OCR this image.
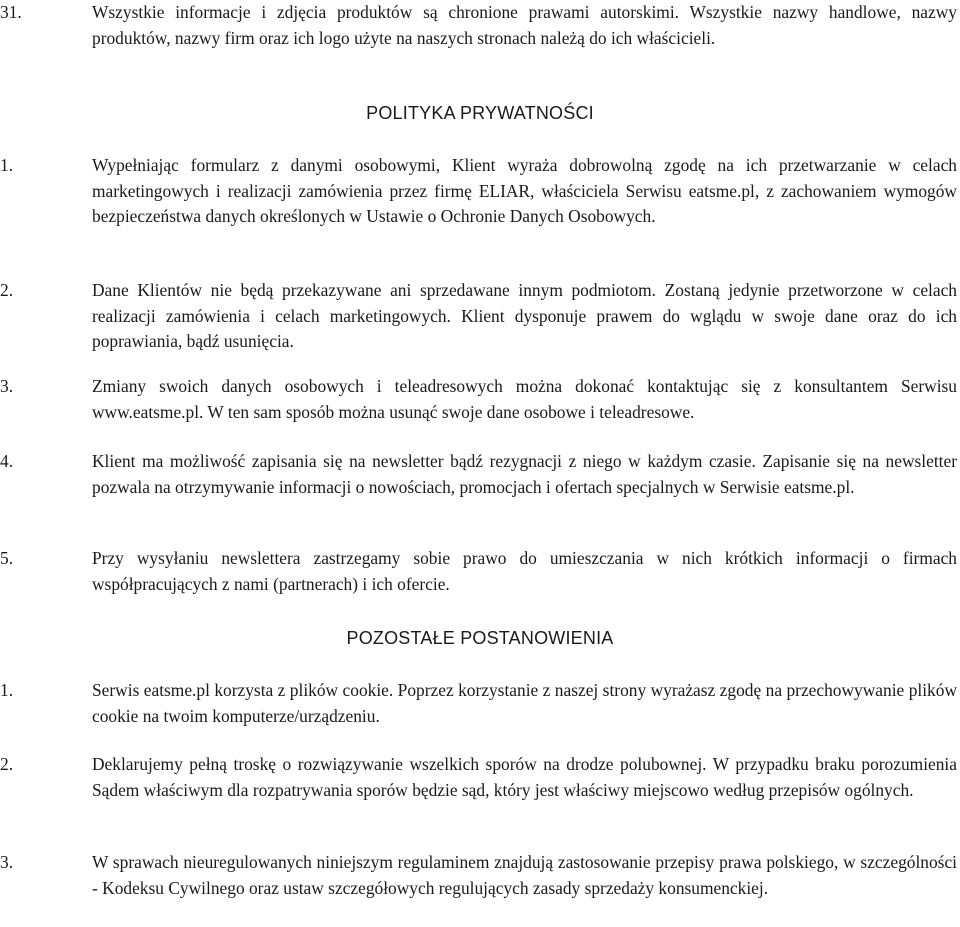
31.	Wszystkie informacje i zdjęcia produktów są chronione prawami autorskimi. Wszystkie nazwy handlowe, nazwy produktów, nazwy firm oraz ich logo użyte na naszych stronach należą do ich właścicieli.
POLITYKA PRYWATNOŚCI
1.	Wypełniając formularz z danymi osobowymi, Klient wyraża dobrowolną zgodę na ich przetwarzanie w celach marketingowych i realizacji zamówienia przez firmę ELIAR, właściciela Serwisu eatsme.pl, z zachowaniem wymogów bezpieczeństwa danych określonych w Ustawie o Ochronie Danych Osobowych.
2.	Dane Klientów nie będą przekazywane ani sprzedawane innym podmiotom. Zostaną jedynie przetworzone w celach realizacji zamówienia i celach marketingowych. Klient dysponuje prawem do wglądu w swoje dane oraz do ich poprawiania, bądź usunięcia.
3.	Zmiany swoich danych osobowych i teleadresowych można dokonać kontaktując się z konsultantem Serwisu www.eatsme.pl. W ten sam sposób można usunąć swoje dane osobowe i teleadresowe.
4.	Klient ma możliwość zapisania się na newsletter bądź rezygnacji z niego w każdym czasie. Zapisanie się na newsletter pozwala na otrzymywanie informacji o nowościach, promocjach i ofertach specjalnych w Serwisie eatsme.pl.
5.	Przy wysyłaniu newslettera zastrzegamy sobie prawo do umieszczania w nich krótkich informacji o firmach współpracujących z nami (partnerach) i ich ofercie.
POZOSTAŁE POSTANOWIENIA
1.	Serwis eatsme.pl korzysta z plików cookie. Poprzez korzystanie z naszej strony wyrażasz zgodę na przechowywanie plików cookie na twoim komputerze/urządzeniu.
2.	Deklarujemy pełną troskę o rozwiązywanie wszelkich sporów na drodze polubownej. W przypadku braku porozumienia Sądem właściwym dla rozpatrywania sporów będzie sąd, który jest właściwy miejscowo według przepisów ogólnych.
3.	W sprawach nieuregulowanych niniejszym regulaminem znajdują zastosowanie przepisy prawa polskiego, w szczególności - Kodeksu Cywilnego oraz ustaw szczegółowych regulujących zasady sprzedaży konsumenckiej.
